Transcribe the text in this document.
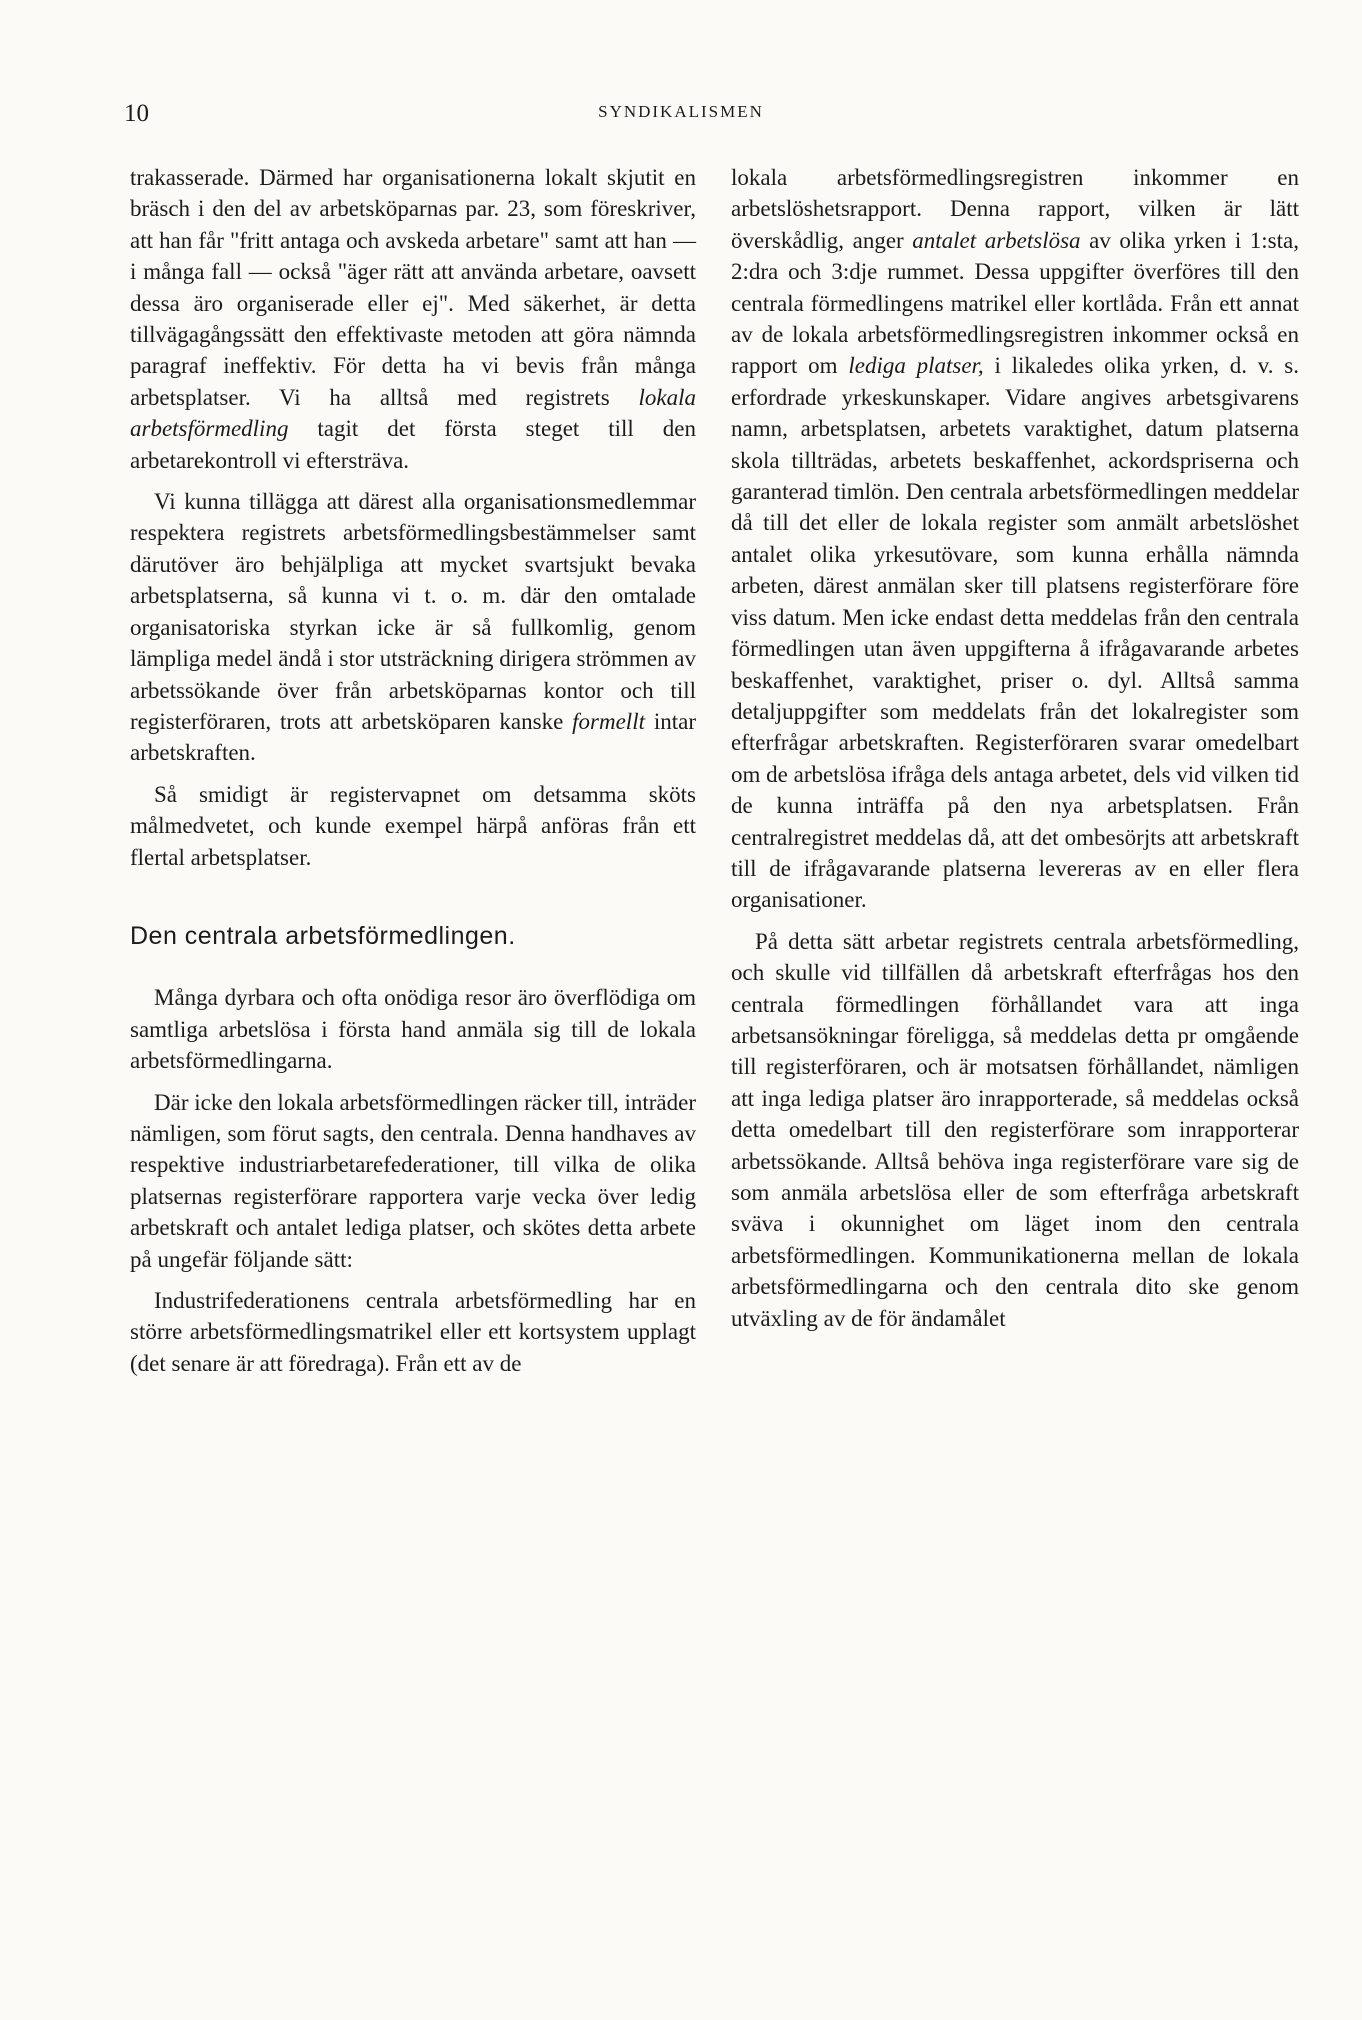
10	SYNDIKALISMEN

trakasserade. Därmed har organisationerna lokalt skjutit en bräsch i den del av arbetsköparnas par. 23, som föreskriver, att han får "fritt antaga och avskeda arbetare" samt att han — i många fall — också "äger rätt att använda arbetare, oavsett dessa äro organiserade eller ej". Med säkerhet, är detta tillvägagångssätt den effektivaste metoden att göra nämnda paragraf ineffektiv. För detta ha vi bevis från många arbetsplatser. Vi ha alltså med registrets lokala arbetsförmedling tagit det första steget till den arbetarekontroll vi eftersträva.

Vi kunna tillägga att därest alla organisationsmedlemmar respektera registrets arbetsförmedlingsbestämmelser samt därutöver äro behjälpliga att mycket svartsjukt bevaka arbetsplatserna, så kunna vi t. o. m. där den omtalade organisatoriska styrkan icke är så fullkomlig, genom lämpliga medel ändå i stor utsträckning dirigera strömmen av arbetssökande över från arbetsköparnas kontor och till registerföraren, trots att arbetsköparen kanske formellt intar arbetskraften.

Så smidigt är registervapnet om detsamma sköts målmedvetet, och kunde exempel härpå anföras från ett flertal arbetsplatser.

Den centrala arbetsförmedlingen.

Många dyrbara och ofta onödiga resor äro överflödiga om samtliga arbetslösa i första hand anmäla sig till de lokala arbetsförmedlingarna.

Där icke den lokala arbetsförmedlingen räcker till, inträder nämligen, som förut sagts, den centrala. Denna handhaves av respektive industriarbetarefederationer, till vilka de olika platsernas registerförare rapportera varje vecka över ledig arbetskraft och antalet lediga platser, och skötes detta arbete på ungefär följande sätt:

Industrifederationens centrala arbetsförmedling har en större arbetsförmedlingsmatrikel eller ett kortsystem upplagt (det senare är att föredraga). Från ett av de

lokala arbetsförmedlingsregistren inkommer en arbetslöshetsrapport. Denna rapport, vilken är lätt överskådlig, anger antalet arbetslösa av olika yrken i 1:sta, 2:dra och 3:dje rummet. Dessa uppgifter överföres till den centrala förmedlingens matrikel eller kortlåda. Från ett annat av de lokala arbetsförmedlingsregistren inkommer också en rapport om lediga platser, i likaledes olika yrken, d. v. s. erfordrade yrkeskunskaper. Vidare angives arbetsgivarens namn, arbetsplatsen, arbetets varaktighet, datum platserna skola tillträdas, arbetets beskaffenhet, ackordspriserna och garanterad timlön. Den centrala arbetsförmedlingen meddelar då till det eller de lokala register som anmält arbetslöshet antalet olika yrkesutövare, som kunna erhålla nämnda arbeten, därest anmälan sker till platsens registerförare före viss datum. Men icke endast detta meddelas från den centrala förmedlingen utan även uppgifterna å ifrågavarande arbetes beskaffenhet, varaktighet, priser o. dyl. Alltså samma detaljuppgifter som meddelats från det lokalregister som efterfrågar arbetskraften. Registerföraren svarar omedelbart om de arbetslösa ifråga dels antaga arbetet, dels vid vilken tid de kunna inträffa på den nya arbetsplatsen. Från centralregistret meddelas då, att det ombesörjts att arbetskraft till de ifrågavarande platserna levereras av en eller flera organisationer.

På detta sätt arbetar registrets centrala arbetsförmedling, och skulle vid tillfällen då arbetskraft efterfrågas hos den centrala förmedlingen förhållandet vara att inga arbetsansökningar föreligga, så meddelas detta pr omgående till registerföraren, och är motsatsen förhållandet, nämligen att inga lediga platser äro inrapporterade, så meddelas också detta omedelbart till den registerförare som inrapporterar arbetssökande. Alltså behöva inga registerförare vare sig de som anmäla arbetslösa eller de som efterfråga arbetskraft sväva i okunnighet om läget inom den centrala arbetsförmedlingen. Kommunikationerna mellan de lokala arbetsförmedlingarna och den centrala dito ske genom utväxling av de för ändamålet
